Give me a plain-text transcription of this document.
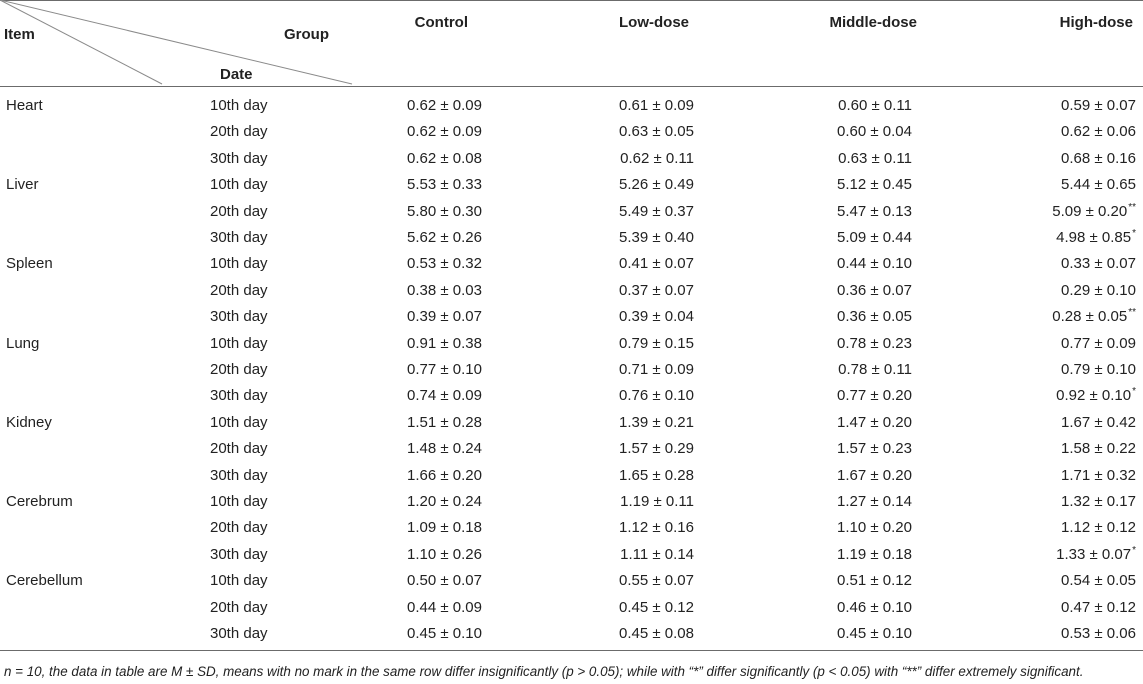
Item	Group
Date
Control	Low-dose	Middle-dose	High-dose
Heart	10th day	0.62 ± 0.09	0.61 ± 0.09	0.60 ± 0.11	0.59 ± 0.07
20th day	0.62 ± 0.09	0.63 ± 0.05	0.60 ± 0.04	0.62 ± 0.06
30th day	0.62 ± 0.08	0.62 ± 0.11	0.63 ± 0.11	0.68 ± 0.16
Liver	10th day	5.53 ± 0.33	5.26 ± 0.49	5.12 ± 0.45	5.44 ± 0.65
20th day	5.80 ± 0.30	5.49 ± 0.37	5.47 ± 0.13	5.09 ± 0.20**
30th day	5.62 ± 0.26	5.39 ± 0.40	5.09 ± 0.44	4.98 ± 0.85*
Spleen	10th day	0.53 ± 0.32	0.41 ± 0.07	0.44 ± 0.10	0.33 ± 0.07
20th day	0.38 ± 0.03	0.37 ± 0.07	0.36 ± 0.07	0.29 ± 0.10
30th day	0.39 ± 0.07	0.39 ± 0.04	0.36 ± 0.05	0.28 ± 0.05**
Lung	10th day	0.91 ± 0.38	0.79 ± 0.15	0.78 ± 0.23	0.77 ± 0.09
20th day	0.77 ± 0.10	0.71 ± 0.09	0.78 ± 0.11	0.79 ± 0.10
30th day	0.74 ± 0.09	0.76 ± 0.10	0.77 ± 0.20	0.92 ± 0.10*
Kidney	10th day	1.51 ± 0.28	1.39 ± 0.21	1.47 ± 0.20	1.67 ± 0.42
20th day	1.48 ± 0.24	1.57 ± 0.29	1.57 ± 0.23	1.58 ± 0.22
30th day	1.66 ± 0.20	1.65 ± 0.28	1.67 ± 0.20	1.71 ± 0.32
Cerebrum	10th day	1.20 ± 0.24	1.19 ± 0.11	1.27 ± 0.14	1.32 ± 0.17
20th day	1.09 ± 0.18	1.12 ± 0.16	1.10 ± 0.20	1.12 ± 0.12
30th day	1.10 ± 0.26	1.11 ± 0.14	1.19 ± 0.18	1.33 ± 0.07*
Cerebellum	10th day	0.50 ± 0.07	0.55 ± 0.07	0.51 ± 0.12	0.54 ± 0.05
20th day	0.44 ± 0.09	0.45 ± 0.12	0.46 ± 0.10	0.47 ± 0.12
30th day	0.45 ± 0.10	0.45 ± 0.08	0.45 ± 0.10	0.53 ± 0.06
n = 10, the data in table are M ± SD, means with no mark in the same row differ insignificantly (p > 0.05); while with “*” differ significantly (p < 0.05) with “**” differ extremely significant.
